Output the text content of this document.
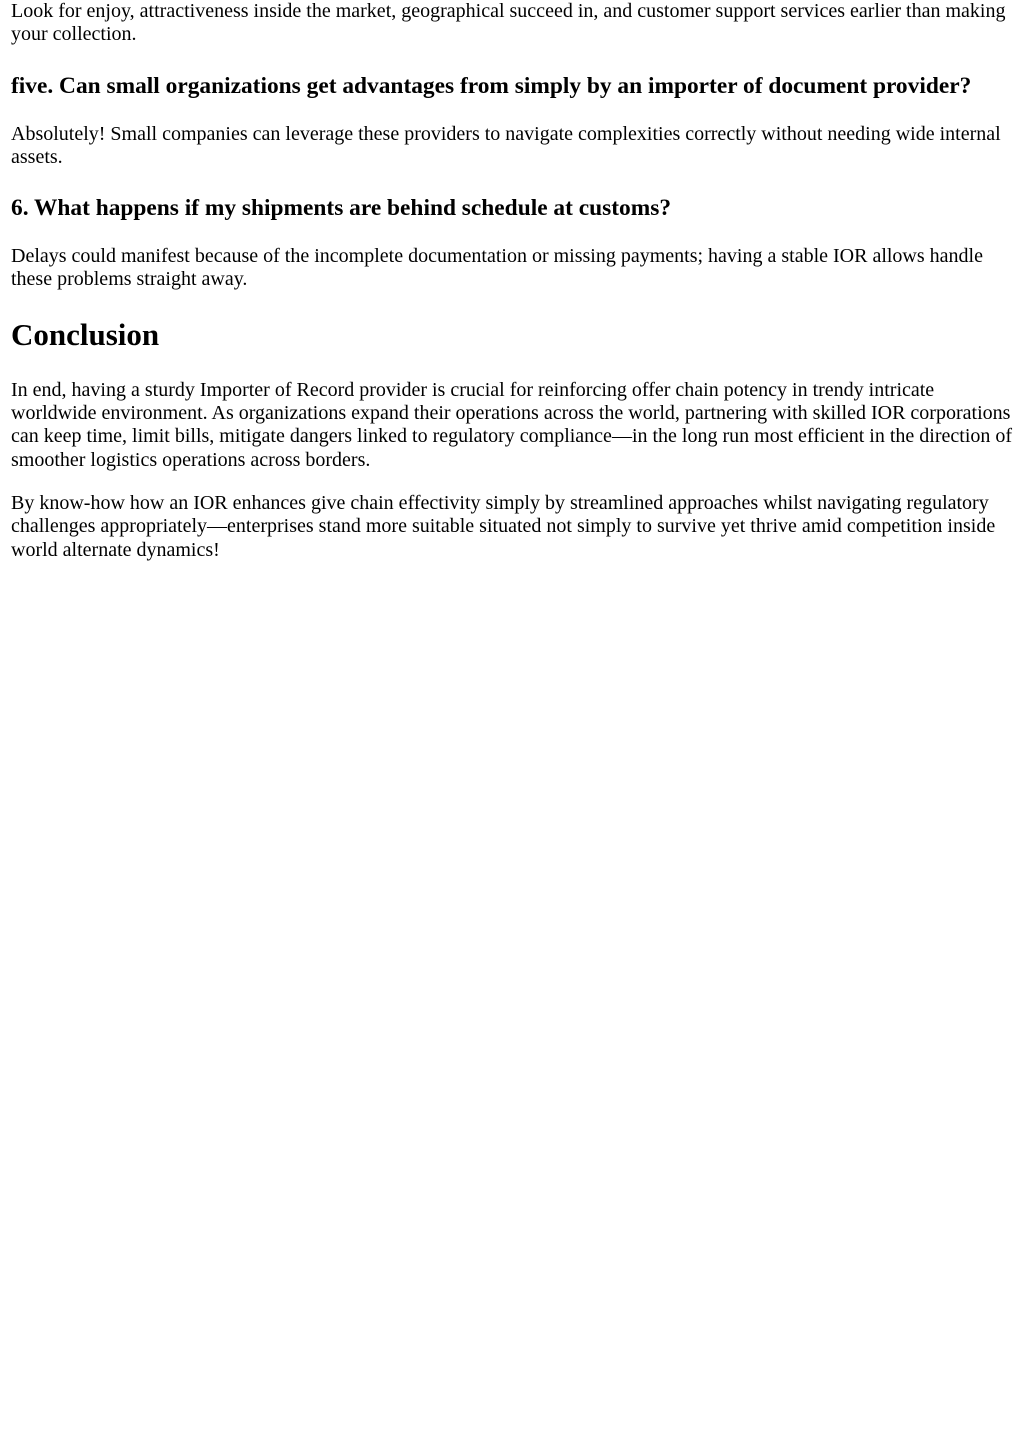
Look for enjoy, attractiveness inside the market, geographical succeed in, and customer support services earlier than making your collection.

five. Can small organizations get advantages from simply by an importer of document provider?

Absolutely! Small companies can leverage these providers to navigate complexities correctly without needing wide internal assets.

6. What happens if my shipments are behind schedule at customs?

Delays could manifest because of the incomplete documentation or missing payments; having a stable IOR allows handle these problems straight away.

Conclusion

In end, having a sturdy Importer of Record provider is crucial for reinforcing offer chain potency in trendy intricate worldwide environment. As organizations expand their operations across the world, partnering with skilled IOR corporations can keep time, limit bills, mitigate dangers linked to regulatory compliance—in the long run most efficient in the direction of smoother logistics operations across borders.

By know-how how an IOR enhances give chain effectivity simply by streamlined approaches whilst navigating regulatory challenges appropriately—enterprises stand more suitable situated not simply to survive yet thrive amid competition inside world alternate dynamics!
